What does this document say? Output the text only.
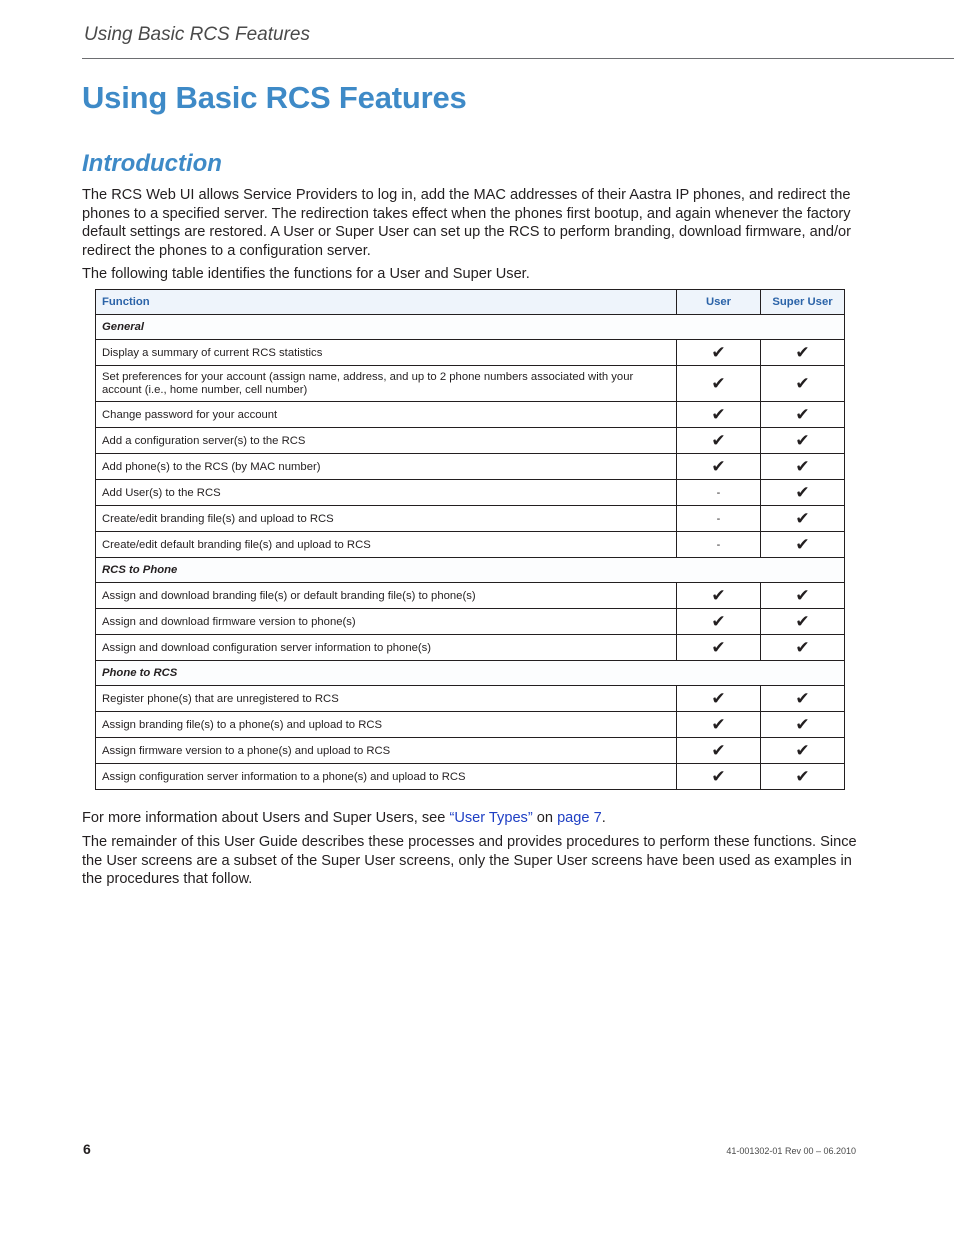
Using Basic RCS Features
Using Basic RCS Features
Introduction

The RCS Web UI allows Service Providers to log in, add the MAC addresses of their Aastra IP phones, and redirect the phones to a specified server. The redirection takes effect when the phones first bootup, and again whenever the factory default settings are restored. A User or Super User can set up the RCS to perform branding, download firmware, and/or redirect the phones to a configuration server.

The following table identifies the functions for a User and Super User.

Function	User	Super User
General		
Display a summary of current RCS statistics	✔	✔
Set preferences for your account (assign name, address, and up to 2 phone numbers associated with your account (i.e., home number, cell number)	✔	✔
Change password for your account	✔	✔
Add a configuration server(s) to the RCS	✔	✔
Add phone(s) to the RCS (by MAC number)	✔	✔
Add User(s) to the RCS	-	✔
Create/edit branding file(s) and upload to RCS	-	✔
Create/edit default branding file(s) and upload to RCS	-	✔
RCS to Phone		
Assign and download branding file(s) or default branding file(s) to phone(s)	✔	✔
Assign and download firmware version to phone(s)	✔	✔
Assign and download configuration server information to phone(s)	✔	✔
Phone to RCS		
Register phone(s) that are unregistered to RCS	✔	✔
Assign branding file(s) to a phone(s) and upload to RCS	✔	✔
Assign firmware version to a phone(s) and upload to RCS	✔	✔
Assign configuration server information to a phone(s) and upload to RCS	✔	✔

For more information about Users and Super Users, see “User Types” on page 7.

The remainder of this User Guide describes these processes and provides procedures to perform these functions. Since the User screens are a subset of the Super User screens, only the Super User screens have been used as examples in the procedures that follow.

6	41-001302-01 Rev 00 – 06.2010
